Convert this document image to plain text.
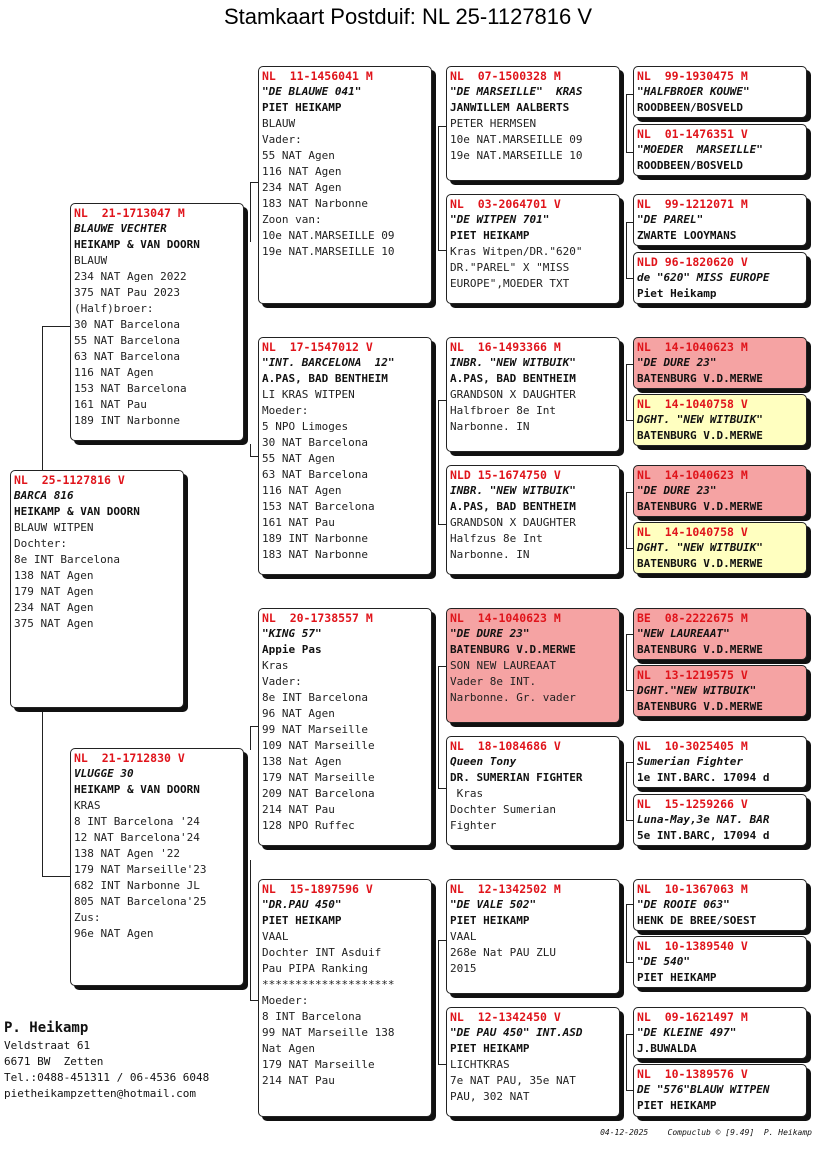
Stamkaart Postduif: NL 25-1127816 V
NL  25-1127816 V
BARCA 816
HEIKAMP & VAN DOORN
BLAUW WITPEN
Dochter:
8e INT Barcelona
138 NAT Agen
179 NAT Agen
234 NAT Agen
375 NAT Agen
NL  21-1713047 M
BLAUWE VECHTER
HEIKAMP & VAN DOORN
BLAUW
234 NAT Agen 2022
375 NAT Pau 2023
(Half)broer:
30 NAT Barcelona
55 NAT Barcelona
63 NAT Barcelona
116 NAT Agen
153 NAT Barcelona
161 NAT Pau
189 INT Narbonne
NL  21-1712830 V
VLUGGE 30
HEIKAMP & VAN DOORN
KRAS
8 INT Barcelona '24
12 NAT Barcelona'24
138 NAT Agen '22
179 NAT Marseille'23
682 INT Narbonne JL
805 NAT Barcelona'25
Zus:
96e NAT Agen
NL  11-1456041 M
"DE BLAUWE 041"
PIET HEIKAMP
BLAUW
Vader:
55 NAT Agen
116 NAT Agen
234 NAT Agen
183 NAT Narbonne
Zoon van:
10e NAT.MARSEILLE 09
19e NAT.MARSEILLE 10
NL  17-1547012 V
"INT. BARCELONA  12"
A.PAS, BAD BENTHEIM
LI KRAS WITPEN
Moeder:
5 NPO Limoges
30 NAT Barcelona
55 NAT Agen
63 NAT Barcelona
116 NAT Agen
153 NAT Barcelona
161 NAT Pau
189 INT Narbonne
183 NAT Narbonne
NL  20-1738557 M
"KING 57"
Appie Pas
Kras
Vader:
8e INT Barcelona
96 NAT Agen
99 NAT Marseille
109 NAT Marseille
138 Nat Agen
179 NAT Marseille
209 NAT Barcelona
214 NAT Pau
128 NPO Ruffec
NL  15-1897596 V
"DR.PAU 450"
PIET HEIKAMP
VAAL
Dochter INT Asduif
Pau PIPA Ranking
********************
Moeder:
8 INT Barcelona
99 NAT Marseille 138
Nat Agen
179 NAT Marseille
214 NAT Pau
NL  07-1500328 M
"DE MARSEILLE"  KRAS
JANWILLEM AALBERTS
PETER HERMSEN
10e NAT.MARSEILLE 09
19e NAT.MARSEILLE 10
NL  03-2064701 V
"DE WITPEN 701"
PIET HEIKAMP
Kras Witpen/DR."620"
DR."PAREL" X "MISS
EUROPE",MOEDER TXT
NL  16-1493366 M
INBR. "NEW WITBUIK"
A.PAS, BAD BENTHEIM
GRANDSON X DAUGHTER
Halfbroer 8e Int
Narbonne. IN
NLD 15-1674750 V
INBR. "NEW WITBUIK"
A.PAS, BAD BENTHEIM
GRANDSON X DAUGHTER
Halfzus 8e Int
Narbonne. IN
NL  14-1040623 M
"DE DURE 23"
BATENBURG V.D.MERWE
SON NEW LAUREAAT
Vader 8e INT.
Narbonne. Gr. vader
NL  18-1084686 V
Queen Tony
DR. SUMERIAN FIGHTER
Kras
Dochter Sumerian
Fighter
NL  12-1342502 M
"DE VALE 502"
PIET HEIKAMP
VAAL
268e Nat PAU ZLU
2015
NL  12-1342450 V
"DE PAU 450" INT.ASD
PIET HEIKAMP
LICHTKRAS
7e NAT PAU, 35e NAT
PAU, 302 NAT
NL  99-1930475 M
"HALFBROER KOUWE"
ROODBEEN/BOSVELD
NL  01-1476351 V
"MOEDER  MARSEILLE"
ROODBEEN/BOSVELD
NL  99-1212071 M
"DE PAREL"
ZWARTE LOOYMANS
NLD 96-1820620 V
de "620" MISS EUROPE
Piet Heikamp
NL  14-1040623 M
"DE DURE 23"
BATENBURG V.D.MERWE
NL  14-1040758 V
DGHT. "NEW WITBUIK"
BATENBURG V.D.MERWE
NL  14-1040623 M
"DE DURE 23"
BATENBURG V.D.MERWE
NL  14-1040758 V
DGHT. "NEW WITBUIK"
BATENBURG V.D.MERWE
BE  08-2222675 M
"NEW LAUREAAT"
BATENBURG V.D.MERWE
NL  13-1219575 V
DGHT."NEW WITBUIK"
BATENBURG V.D.MERWE
NL  10-3025405 M
Sumerian Fighter
1e INT.BARC. 17094 d
NL  15-1259266 V
Luna-May,3e NAT. BAR
5e INT.BARC, 17094 d
NL  10-1367063 M
"DE ROOIE 063"
HENK DE BREE/SOEST
NL  10-1389540 V
"DE 540"
PIET HEIKAMP
NL  09-1621497 M
"DE KLEINE 497"
J.BUWALDA
NL  10-1389576 V
DE "576"BLAUW WITPEN
PIET HEIKAMP
P. Heikamp
Veldstraat 61
6671 BW  Zetten
Tel.:0488-451311 / 06-4536 6048
pietheikampzetten@hotmail.com
04-12-2025    Compuclub © [9.49]  P. Heikamp
